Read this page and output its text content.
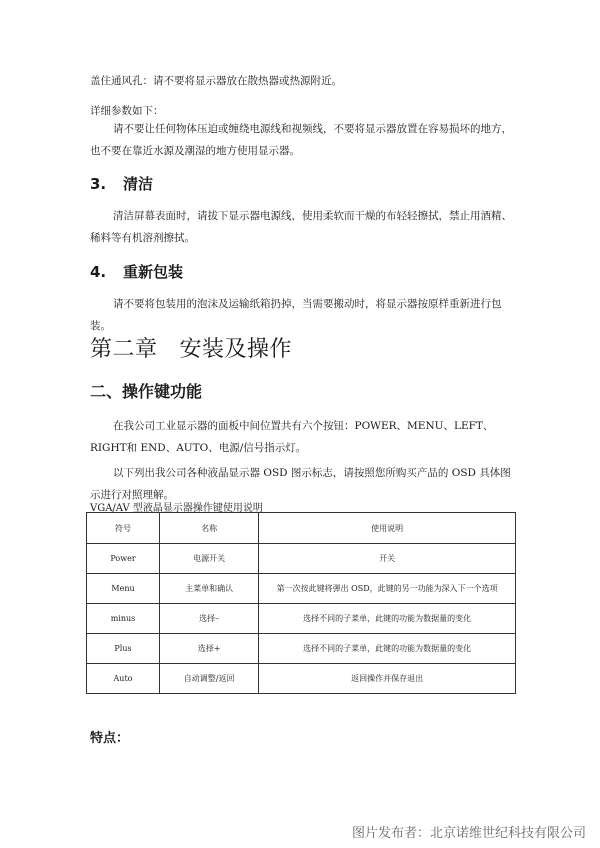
盖住通风孔：请不要将显示器放在散热器或热源附近。
详细参数如下：
请不要让任何物体压迫或缠绕电源线和视频线，不要将显示器放置在容易损坏的地方，也不要在靠近水源及潮湿的地方使用显示器。
3. 清洁
清洁屏幕表面时，请拔下显示器电源线，使用柔软而干燥的布轻轻擦拭，禁止用酒精、稀料等有机溶剂擦拭。
4. 重新包装
请不要将包装用的泡沫及运输纸箱扔掉，当需要搬动时，将显示器按原样重新进行包装。
第二章 安装及操作
二、操作键功能
在我公司工业显示器的面板中间位置共有六个按钮：POWER、MENU、LEFT、RIGHT和 END、AUTO、电源/信号指示灯。
以下列出我公司各种液晶显示器 OSD 图示标志，请按照您所购买产品的 OSD 具体图示进行对照理解。
VGA/AV 型液晶显示器操作键使用说明
符号	名称	使用说明
Power	电源开关	开关
Menu	主菜单和确认	第一次按此键将弹出 OSD，此键的另一功能为深入下一个选项
minus	选择–	选择不同的子菜单，此键的功能为数据量的变化
Plus	选择+	选择不同的子菜单，此键的功能为数据量的变化
Auto	自动调整/返回	返回操作并保存退出
特点：
图片发布者：北京诺维世纪科技有限公司
